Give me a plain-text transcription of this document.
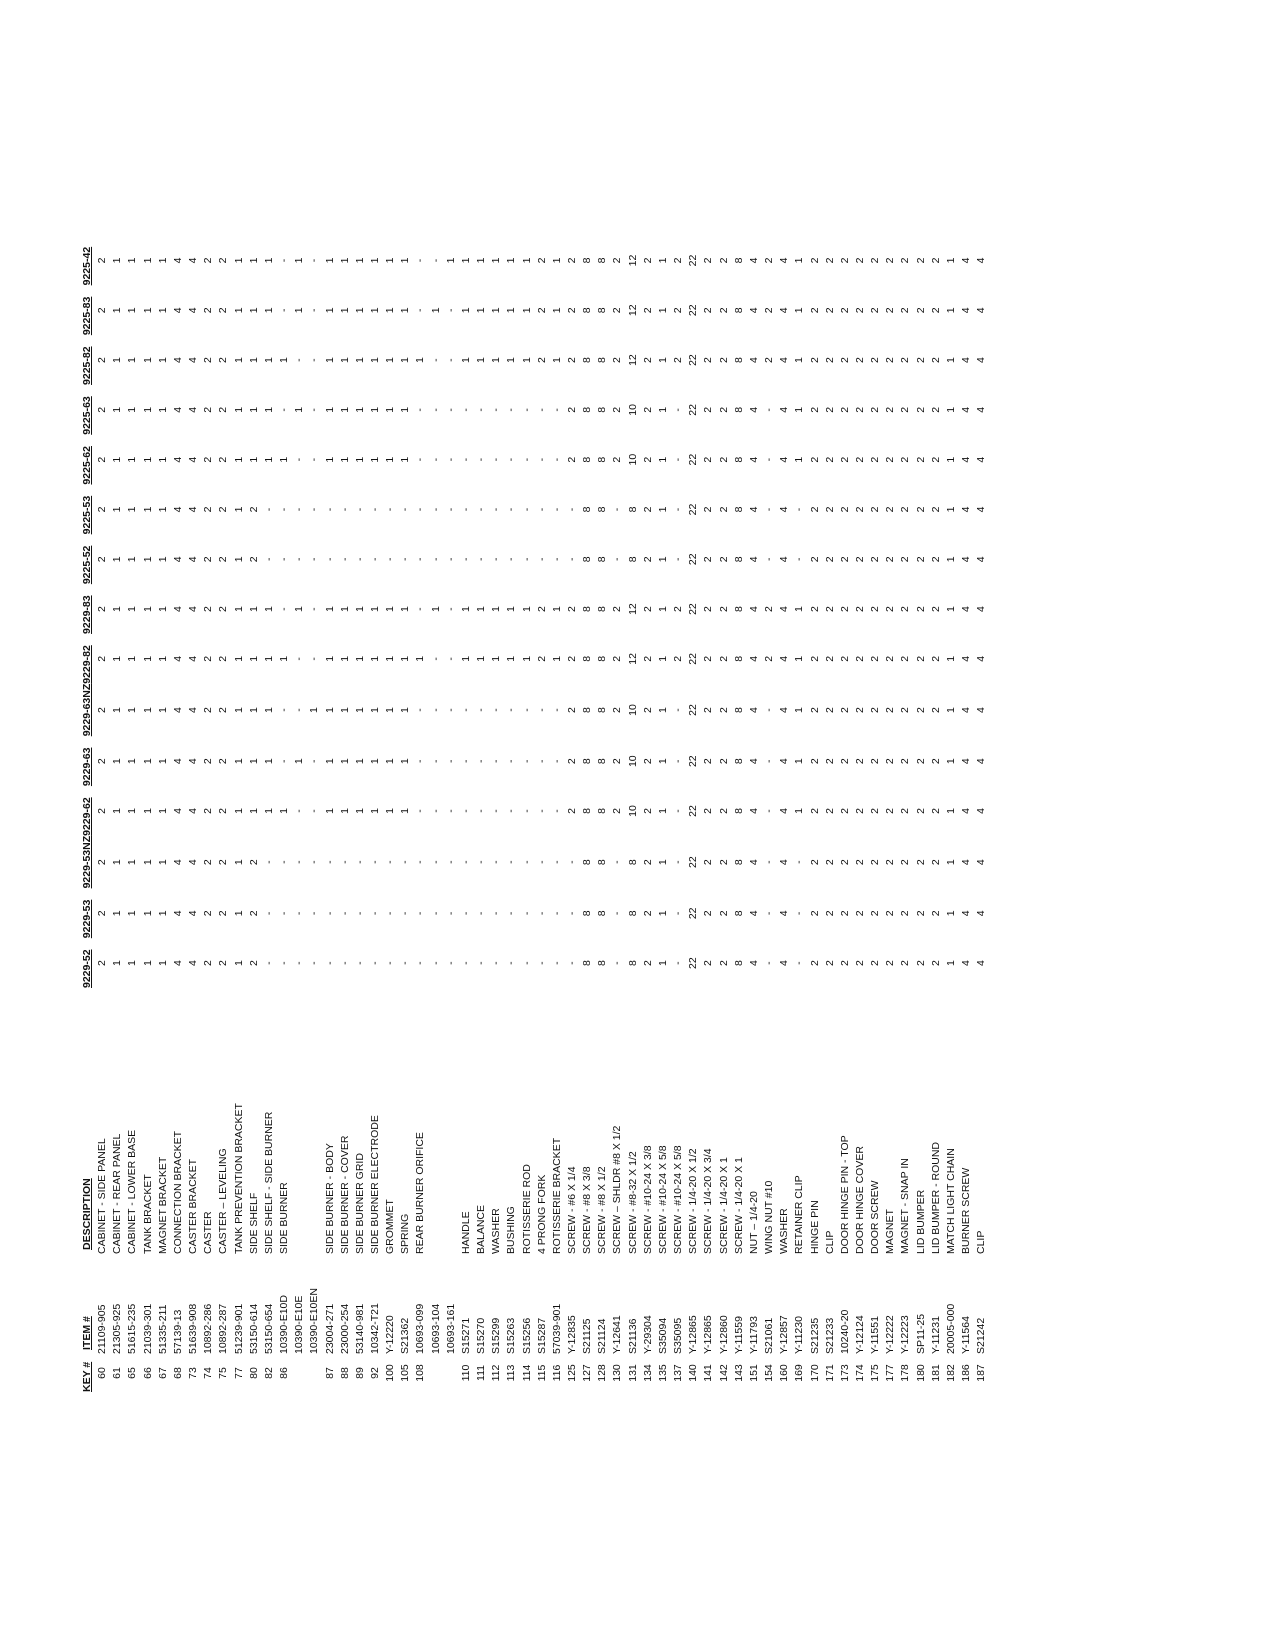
KEY #	ITEM #	DESCRIPTION	9229-52	9229-53	9229-53NZ	9229-62	9229-63	9229-63NZ	9229-82	9229-83	9225-52	9225-53	9225-62	9225-63	9225-82	9225-83	9225-42
60	21109-905	CABINET - SIDE PANEL	2	2	2	2	2	2	2	2	2	2	2	2	2	2	2
61	21305-925	CABINET - REAR PANEL	1	1	1	1	1	1	1	1	1	1	1	1	1	1	1
65	51615-235	CABINET - LOWER BASE	1	1	1	1	1	1	1	1	1	1	1	1	1	1	1
66	21039-301	TANK BRACKET	1	1	1	1	1	1	1	1	1	1	1	1	1	1	1
67	51335-211	MAGNET BRACKET	1	1	1	1	1	1	1	1	1	1	1	1	1	1	1
68	57139-13	CONNECTION BRACKET	4	4	4	4	4	4	4	4	4	4	4	4	4	4	4
73	51639-908	CASTER BRACKET	4	4	4	4	4	4	4	4	4	4	4	4	4	4	4
74	10892-286	CASTER	2	2	2	2	2	2	2	2	2	2	2	2	2	2	2
75	10892-287	CASTER – LEVELING	2	2	2	2	2	2	2	2	2	2	2	2	2	2	2
77	51239-901	TANK PREVENTION BRACKET	1	1	1	1	1	1	1	1	1	1	1	1	1	1	1
80	53150-614	SIDE SHELF	2	2	2	1	1	1	1	1	2	2	1	1	1	1	1
82	53150-654	SIDE SHELF - SIDE BURNER	-	-	-	1	1	1	1	1	-	-	1	1	1	1	1
86	10390-E10D	SIDE BURNER	-	-	-	1	-	-	1	-	-	-	1	-	1	-	-
	10390-E10E		-	-	-	-	1	-	-	1	-	-	-	1	-	1	1
	10390-E10EN		-	-	-	-	-	1	-	-	-	-	-	-	-	-	-
87	23004-271	SIDE BURNER - BODY	-	-	-	1	1	1	1	1	-	-	1	1	1	1	1
88	23000-254	SIDE BURNER - COVER	-	-	-	1	1	1	1	1	-	-	1	1	1	1	1
89	53140-981	SIDE BURNER GRID	-	-	-	1	1	1	1	1	-	-	1	1	1	1	1
92	10342-T21	SIDE BURNER ELECTRODE	-	-	-	1	1	1	1	1	-	-	1	1	1	1	1
100	Y-12220	GROMMET	-	-	-	1	1	1	1	1	-	-	1	1	1	1	1
105	S21362	SPRING	-	-	-	1	1	1	1	1	-	-	1	1	1	1	1
108	10693-099	REAR BURNER ORIFICE	-	-	-	-	-	-	1	-	-	-	-	-	1	-	-
	10693-104		-	-	-	-	-	-	-	1	-	-	-	-	-	1	-
	10693-161		-	-	-	-	-	-	-	-	-	-	-	-	-	-	1
110	S15271	HANDLE	-	-	-	-	-	-	1	1	-	-	-	-	1	1	1
111	S15270	BALANCE	-	-	-	-	-	-	1	1	-	-	-	-	1	1	1
112	S15299	WASHER	-	-	-	-	-	-	1	1	-	-	-	-	1	1	1
113	S15263	BUSHING	-	-	-	-	-	-	1	1	-	-	-	-	1	1	1
114	S15256	ROTISSERIE ROD	-	-	-	-	-	-	1	1	-	-	-	-	1	1	1
115	S15287	4 PRONG FORK	-	-	-	-	-	-	2	2	-	-	-	-	2	2	2
116	57039-901	ROTISSERIE BRACKET	-	-	-	-	-	-	1	1	-	-	-	-	1	1	1
125	Y-12835	SCREW - #6 X 1/4	-	-	-	2	2	2	2	2	-	-	2	2	2	2	2
127	S21125	SCREW - #8 X 3/8	8	8	8	8	8	8	8	8	8	8	8	8	8	8	8
128	S21124	SCREW - #8 X 1/2	8	8	8	8	8	8	8	8	8	8	8	8	8	8	8
130	Y-12641	SCREW – SHLDR #8 X 1/2	-	-	-	2	2	2	2	2	-	-	2	2	2	2	2
131	S21136	SCREW - #8-32 X 1/2	8	8	8	10	10	10	12	12	8	8	10	10	12	12	12
134	Y-29304	SCREW - #10-24 X 3/8	2	2	2	2	2	2	2	2	2	2	2	2	2	2	2
135	S35094	SCREW - #10-24 X 5/8	1	1	1	1	1	1	1	1	1	1	1	1	1	1	1
137	S35095	SCREW - #10-24 X 5/8	-	-	-	-	-	-	2	2	-	-	-	-	2	2	2
140	Y-12865	SCREW - 1/4-20 X 1/2	22	22	22	22	22	22	22	22	22	22	22	22	22	22	22
141	Y-12865	SCREW - 1/4-20 X 3/4	2	2	2	2	2	2	2	2	2	2	2	2	2	2	2
142	Y-12860	SCREW - 1/4-20 X 1	2	2	2	2	2	2	2	2	2	2	2	2	2	2	2
143	Y-11559	SCREW - 1/4-20 X 1	8	8	8	8	8	8	8	8	8	8	8	8	8	8	8
151	Y-11793	NUT – 1/4-20	4	4	4	4	4	4	4	4	4	4	4	4	4	4	4
154	S21061	WING NUT #10	-	-	-	-	-	-	2	2	-	-	-	-	2	2	2
160	Y-12857	WASHER	4	4	4	4	4	4	4	4	4	4	4	4	4	4	4
169	Y-11230	RETAINER CLIP	-	-	-	1	1	1	1	1	-	-	1	1	1	1	1
170	S21235	HINGE PIN	2	2	2	2	2	2	2	2	2	2	2	2	2	2	2
171	S21233	CLIP	2	2	2	2	2	2	2	2	2	2	2	2	2	2	2
173	10240-20	DOOR HINGE PIN - TOP	2	2	2	2	2	2	2	2	2	2	2	2	2	2	2
174	Y-12124	DOOR HINGE COVER	2	2	2	2	2	2	2	2	2	2	2	2	2	2	2
175	Y-11551	DOOR SCREW	2	2	2	2	2	2	2	2	2	2	2	2	2	2	2
177	Y-12222	MAGNET	2	2	2	2	2	2	2	2	2	2	2	2	2	2	2
178	Y-12223	MAGNET - SNAP IN	2	2	2	2	2	2	2	2	2	2	2	2	2	2	2
180	SP11-25	LID BUMPER	2	2	2	2	2	2	2	2	2	2	2	2	2	2	2
181	Y-11231	LID BUMPER - ROUND	2	2	2	2	2	2	2	2	2	2	2	2	2	2	2
182	20005-000	MATCH LIGHT CHAIN	1	1	1	1	1	1	1	1	1	1	1	1	1	1	1
186	Y-11564	BURNER SCREW	4	4	4	4	4	4	4	4	4	4	4	4	4	4	4
187	S21242	CLIP	4	4	4	4	4	4	4	4	4	4	4	4	4	4	4
